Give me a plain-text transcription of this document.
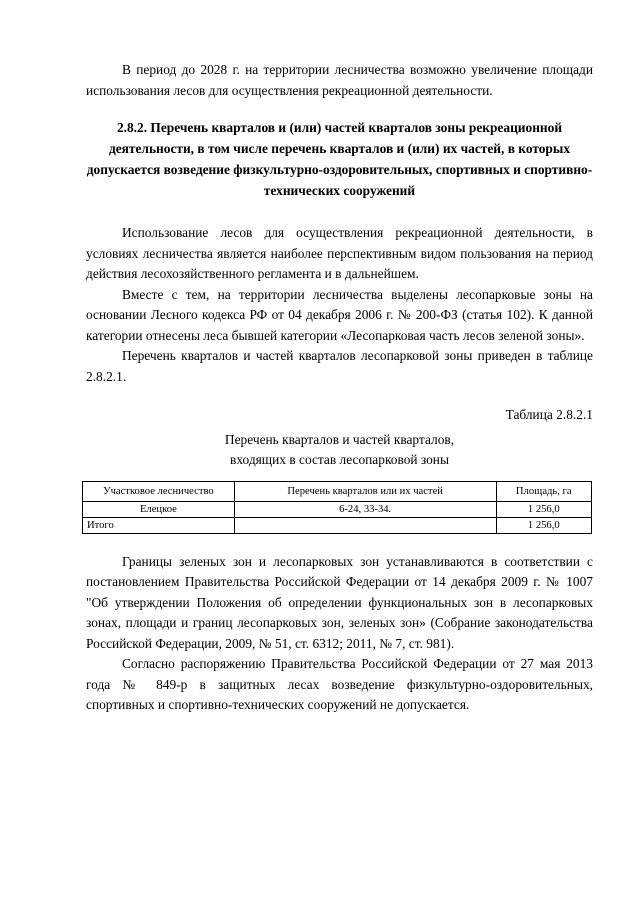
В период до 2028 г. на территории лесничества возможно увеличение площади использования лесов для осуществления рекреационной деятельности.

2.8.2. Перечень кварталов и (или) частей кварталов зоны рекреационной деятельности, в том числе перечень кварталов и (или) их частей, в которых допускается возведение физкультурно-оздоровительных, спортивных и спортивно-технических сооружений

Использование лесов для осуществления рекреационной деятельности, в условиях лесничества является наиболее перспективным видом пользования на период действия лесохозяйственного регламента и в дальнейшем.

Вместе с тем, на территории лесничества выделены лесопарковые зоны на основании Лесного кодекса РФ от 04 декабря 2006 г. № 200-ФЗ (статья 102). К данной категории отнесены леса бывшей категории «Лесопарковая часть лесов зеленой зоны».

Перечень кварталов и частей кварталов лесопарковой зоны приведен в таблице 2.8.2.1.

Таблица 2.8.2.1

Перечень кварталов и частей кварталов,

входящих в состав лесопарковой зоны

Участковое лесничество	Перечень кварталов или их частей	Площадь, га
Елецкое	6-24, 33-34.	1 256,0
Итого		1 256,0

Границы зеленых зон и лесопарковых зон устанавливаются в соответствии с постановлением Правительства Российской Федерации от 14 декабря 2009 г. № 1007 "Об утверждении Положения об определении функциональных зон в лесопарковых зонах, площади и границ лесопарковых зон, зеленых зон» (Собрание законодательства Российской Федерации, 2009, № 51, ст. 6312; 2011, № 7, ст. 981).

Согласно распоряжению Правительства Российской Федерации от 27 мая 2013 года № 849-р в защитных лесах возведение физкультурно-оздоровительных, спортивных и спортивно-технических сооружений не допускается.
